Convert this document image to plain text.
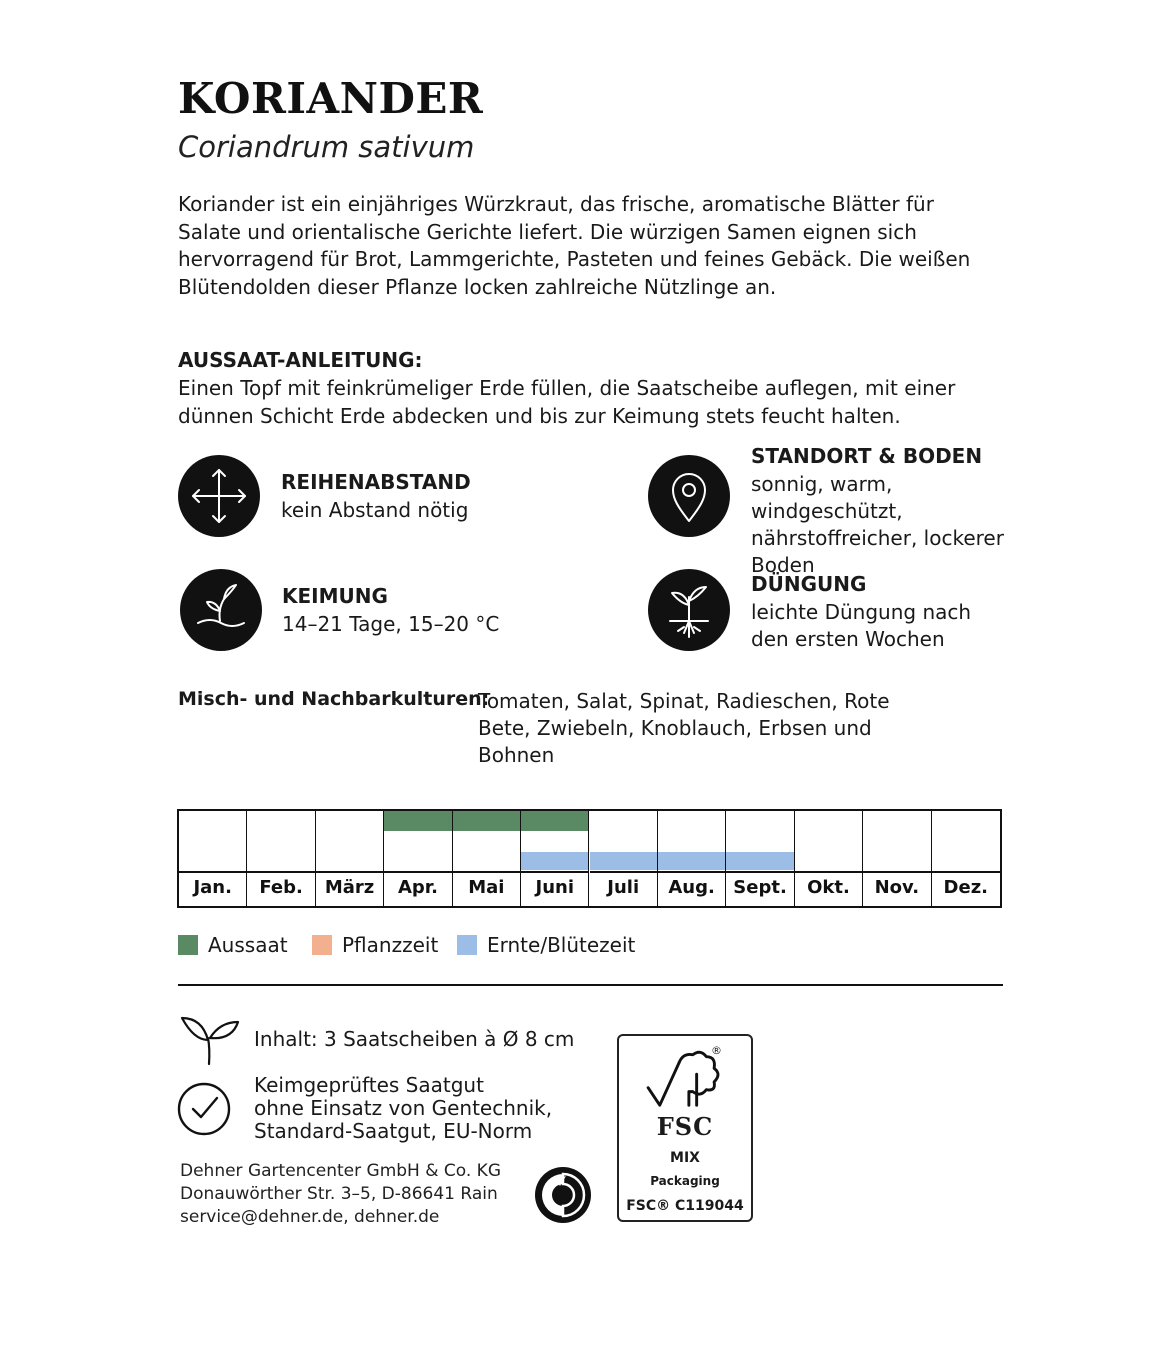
KORIANDER
Coriandrum sativum
Koriander ist ein einjähriges Würzkraut, das frische, aromatische Blätter für Salate und orientalische Gerichte liefert. Die würzigen Samen eignen sich hervorragend für Brot, Lammgerichte, Pasteten und feines Gebäck. Die weißen Blütendolden dieser Pflanze locken zahlreiche Nützlinge an.
AUSSAAT-ANLEITUNG:
Einen Topf mit feinkrümeliger Erde füllen, die Saatscheibe auflegen, mit einer dünnen Schicht Erde abdecken und bis zur Keimung stets feucht halten.
REIHENABSTAND
kein Abstand nötig
KEIMUNG
14–21 Tage, 15–20 °C
STANDORT & BODEN
sonnig, warm, windgeschützt, nährstoffreicher, lockerer Boden
DÜNGUNG
leichte Düngung nach den ersten Wochen
Misch- und Nachbarkulturen:
Tomaten, Salat, Spinat, Radieschen, Rote Bete, Zwiebeln, Knoblauch, Erbsen und Bohnen
Jan.	Feb.	März	Apr.	Mai	Juni	Juli	Aug.	Sept.	Okt.	Nov.	Dez.
Aussaat	Pflanzzeit	Ernte/Blütezeit
Inhalt: 3 Saatscheiben à Ø 8 cm
Keimgeprüftes Saatgut
ohne Einsatz von Gentechnik,
Standard-Saatgut, EU-Norm
Dehner Gartencenter GmbH & Co. KG
Donauwörther Str. 3–5, D-86641 Rain
service@dehner.de, dehner.de
®
FSC
MIX
Packaging
FSC® C119044
